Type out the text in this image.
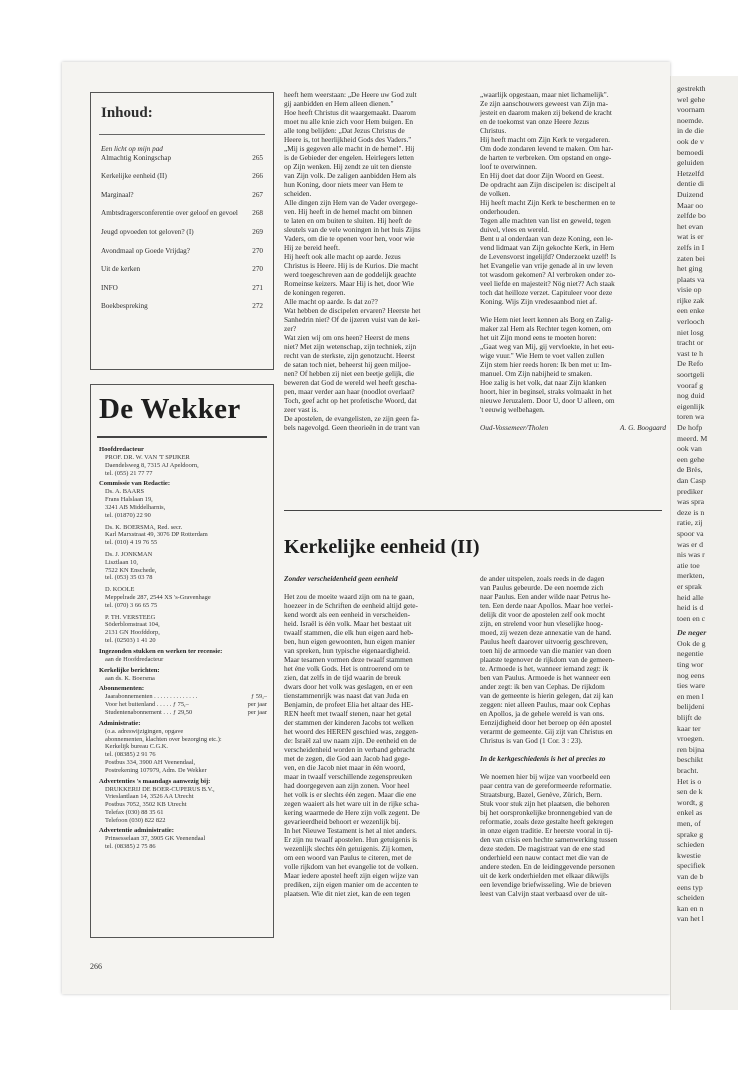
gestrekth
wel gehe
voornam
noemde.
in de die
ook de v
bemoedi
geluiden
Hetzelfd
dentie di
Duizend
Maar oo
zelfde bo
het evan
wat is er
zelfs in I
zaten bei
het ging
plaats va
visie op
rijke zak
een enke
verlooch
niet losg
tracht or
vast te h
De Refo
soortgeli
vooraf g
nog duid
eigenlijk
toren wa
De hofp
meerd. M
ook van
een gehe
de Brès,
dan Casp
prediker
was spra
deze is n
ratie, zij
spoor va
was er d
nis was r
atie toe
merkten,
er sprak
heid alle
heid is d
toen en c
De neger
Ook de g
negentie
ting wor
nog eens
ties ware
en men l
belijdeni
blijft de
kaar ter
vroegen.
ren bijna
beschikt
bracht.
Het is o
sen de k
wordt, g
enkel as
men, of
sprake g
schieden
kwestie
specifiek
van de b
eens typ
scheiden
kan en n
van het l
Inhoud:
Een licht op mijn pad
Almachtig Koningschap	265
Kerkelijke eenheid (II)	266
Marginaal?	267
Ambtsdragersconferentie over geloof en gevoel 268
Jeugd opvoeden tot geloven? (I)	269
Avondmaal op Goede Vrijdag?	270
Uit de kerken	270
INFO	271
Boekbespreking	272
De Wekker
Hoofdredacteur
PROF. DR. W. VAN 'T SPIJKER
Daendelsweg 8, 7315 AJ Apeldoorn,
tel. (055) 21 77 77
Commissie van Redactie:
Ds. A. BAARS
Frans Halslaan 19,
3241 AB Middelharnis,
tel. (01870) 22 90
Ds. K. BOERSMA, Red. secr.
Karl Marxstraat 49, 3076 DP Rotterdam
tel. (010) 4 19 76 55
Ds. J. JONKMAN
Lisztlaan 10,
7522 KN Enschede,
tel. (053) 35 03 78
D. KOOLE
Meppelrade 287, 2544 XS 's-Gravenhage
tel. (070) 3 66 65 75
P. TH. VERSTEEG
Söderblomstraat 104,
2131 GN Hoofddorp,
tel. (02503) 1 41 20
Ingezonden stukken en werken ter recensie:
aan de Hoofdredacteur
Kerkelijke berichten:
aan ds. K. Boersma
Abonnementen:
Jaarabonnementen . . . . . . . . . . . . . .	ƒ 59,–
Voor het buitenland . . . . . ƒ 75,–	per jaar
Studentenabonnement . . . ƒ 29,50	per jaar
Administratie:
(o.a. adreswijzigingen, opgave
abonnementen, klachten over bezorging etc.):
Kerkelijk bureau C.G.K.
tel. (08385) 2 91 76
Postbus 334, 3900 AH Veenendaal,
Postrekening 107979, Adm. De Wekker
Advertenties 's maandags aanwezig bij:
DRUKKERIJ DE BOER-CUPERUS B.V.,
Vrieslantlaan 14, 3526 AA Utrecht
Postbus 7052, 3502 KB Utrecht
Telefax (030) 88 35 61
Telefoon (030) 822 822
Advertentie administratie:
Prinsesselaan 37, 3905 GK Veenendaal
tel. (08385) 2 75 86
266
heeft hem weerstaan: „De Heere uw God zult
gij aanbidden en Hem alleen dienen."
Hoe heeft Christus dit waargemaakt. Daarom
moet nu alle knie zich voor Hem buigen. En
alle tong belijden: „Dat Jezus Christus de
Heere is, tot heerlijkheid Gods des Vaders."
„Mij is gegeven alle macht in de hemel". Hij
is de Gebieder der engelen. Heirlegers letten
op Zijn wenken. Hij zendt ze uit ten dienste
van Zijn volk. De zaligen aanbidden Hem als
hun Koning, door niets meer van Hem te
scheiden.
Alle dingen zijn Hem van de Vader overgege-
ven. Hij heeft in de hemel macht om binnen
te laten en om buiten te sluiten. Hij heeft de
sleutels van de vele woningen in het huis Zijns
Vaders, om die te openen voor hen, voor wie
Hij ze bereid heeft.
Hij heeft ook alle macht op aarde. Jezus
Christus is Heere. Hij is de Kurios. Die macht
werd toegeschreven aan de goddelijk geachte
Romeinse keizers. Maar Hij is het, door Wie
de koningen regeren.
Alle macht op aarde. Is dat zo??
Wat hebben de discipelen ervaren? Heerste het
Sanhedrin niet? Of de ijzeren vuist van de kei-
zer?
Wat zien wij om ons heen? Heerst de mens
niet? Met zijn wetenschap, zijn techniek, zijn
recht van de sterkste, zijn genotzucht. Heerst
de satan toch niet, beheerst hij geen miljoe-
nen? Of hebben zij niet een beetje gelijk, die
beweren dat God de wereld wel heeft gescha-
pen, maar verder aan haar (noodlot overlaat?
Toch, geef acht op het profetische Woord, dat
zeer vast is.
De apostelen, de evangelisten, ze zijn geen fa-
bels nagevolgd. Geen theorieën in de trant van
„waarlijk opgestaan, maar niet lichamelijk".
Ze zijn aanschouwers geweest van Zijn ma-
jesteit en daarom maken zij bekend de kracht
en de toekomst van onze Heere Jezus
Christus.
Hij heeft macht om Zijn Kerk te vergaderen.
Om dode zondaren levend te maken. Om har-
de harten te verbreken. Om opstand en onge-
loof te overwinnen.
En Hij doet dat door Zijn Woord en Geest.
De opdracht aan Zijn discipelen is: discipelt al
de volken.
Hij heeft macht Zijn Kerk te beschermen en te
onderhouden.
Tegen alle machten van list en geweld, tegen
duivel, vlees en wereld.
Bent u al onderdaan van deze Koning, een le-
vend lidmaat van Zijn gekochte Kerk, in Hem
de Levensvorst ingelijfd? Onderzoekt uzelf! Is
het Evangelie van vrije genade al in uw leven
tot wasdom gekomen? Al verbroken onder zo-
veel liefde en majesteit? Nög niet?? Ach staak
toch dat heilloze verzet. Capituleer voor deze
Koning. Wijs Zijn vredesaanbod niet af.

Wie Hem niet leert kennen als Borg en Zalig-
maker zal Hem als Rechter tegen komen, om
het uit Zijn mond eens te moeten horen:
„Gaat weg van Mij, gij vervloekte, in het eeu-
wige vuur." Wie Hem te voet vallen zullen
Zijn stem hier reeds horen: Ik ben met u: Im-
manuel. Om Zijn nabijheid te smaken.
Hoe zalig is het volk, dat naar Zijn klanken
hoort, hier in beginsel, straks volmaakt in het
nieuwe Jeruzalem. Door U, door U alleen, om
't eeuwig welbehagen.
Oud-Vossemeer/Tholen	A. G. Boogaard
Kerkelijke eenheid (II)
Zonder verscheidenheid geen eenheid
Het zou de moeite waard zijn om na te gaan,
hoezeer in de Schriften de eenheid altijd gete-
kend wordt als een eenheid in verscheiden-
heid. Israël is één volk. Maar het bestaat uit
twaalf stammen, die elk hun eigen aard heb-
ben, hun eigen gewoonten, hun eigen manier
van spreken, hun typische eigenaardigheid.
Maar tesamen vormen deze twaalf stammen
het éne volk Gods. Het is ontroerend om te
zien, dat zelfs in de tijd waarin de breuk
dwars door het volk was geslagen, en er een
tienstammenrijk was naast dat van Juda en
Benjamin, de profeet Elia het altaar des HE-
REN heeft met twaalf stenen, naar het getal
der stammen der kinderen Jacobs tot welken
het woord des HEREN geschied was, zeggen-
de: Israël zal uw naam zijn. De eenheid en de
verscheidenheid worden in verband gebracht
met de zegen, die God aan Jacob had gege-
ven, en die Jacob niet maar in één woord,
maar in twaalf verschillende zegenspreuken
had doorgegeven aan zijn zonen. Voor heel
het volk is er slechts één zegen. Maar die ene
zegen waaiert als het ware uit in de rijke scha-
kering waarmede de Here zijn volk zegent. De
gevarieerdheid behoort er wezenlijk bij.
In het Nieuwe Testament is het al niet anders.
Er zijn nu twaalf apostelen. Hun getuigenis is
wezenlijk slechts één getuigenis. Zij komen,
om een woord van Paulus te citeren, met de
volle rijkdom van het evangelie tot de volken.
Maar iedere apostel heeft zijn eigen wijze van
prediken, zijn eigen manier om de accenten te
plaatsen. Wie dit niet ziet, kan de een tegen
de ander uitspelen, zoals reeds in de dagen
van Paulus gebeurde. De een noemde zich
naar Paulus. Een ander wilde naar Petrus he-
ten. Een derde naar Apollos. Maar hoe verlei-
delijk dit voor de apostelen zelf ook mocht
zijn, en strelend voor hun vleselijke hoog-
moed, zij wezen deze annexatie van de hand.
Paulus heeft daarover uitvoerig geschreven,
toen hij de armoede van die manier van doen
plaatste tegenover de rijkdom van de gemeen-
te. Armoede is het, wanneer iemand zegt: ik
ben van Paulus. Armoede is het wanneer een
ander zegt: ik ben van Cephas. De rijkdom
van de gemeente is hierin gelegen, dat zij kan
zeggen: niet alleen Paulus, maar ook Cephas
en Apollos, ja de gehele wereld is van ons.
Eenzijdigheid door het beroep op één apostel
verarmt de gemeente. Gij zijt van Christus en
Christus is van God (1 Cor. 3 : 23).
In de kerkgeschiedenis is het al precies zo
We noemen hier bij wijze van voorbeeld een
paar centra van de gereformeerde reformatie.
Straatsburg, Bazel, Genève, Zürich, Bern.
Stuk voor stuk zijn het plaatsen, die behoren
bij het oorspronkelijke bronnengebied van de
reformatie, zoals deze gestalte heeft gekregen
in onze eigen traditie. Er heerste vooral in tij-
den van crisis een hechte samenwerking tussen
deze steden. De magistraat van de ene stad
onderhield een nauw contact met die van de
andere steden. En de leidinggevende personen
uit de kerk onderhielden met elkaar dikwijls
een levendige briefwisseling. Wie de brieven
leest van Calvijn staat verbaasd over de uit-
